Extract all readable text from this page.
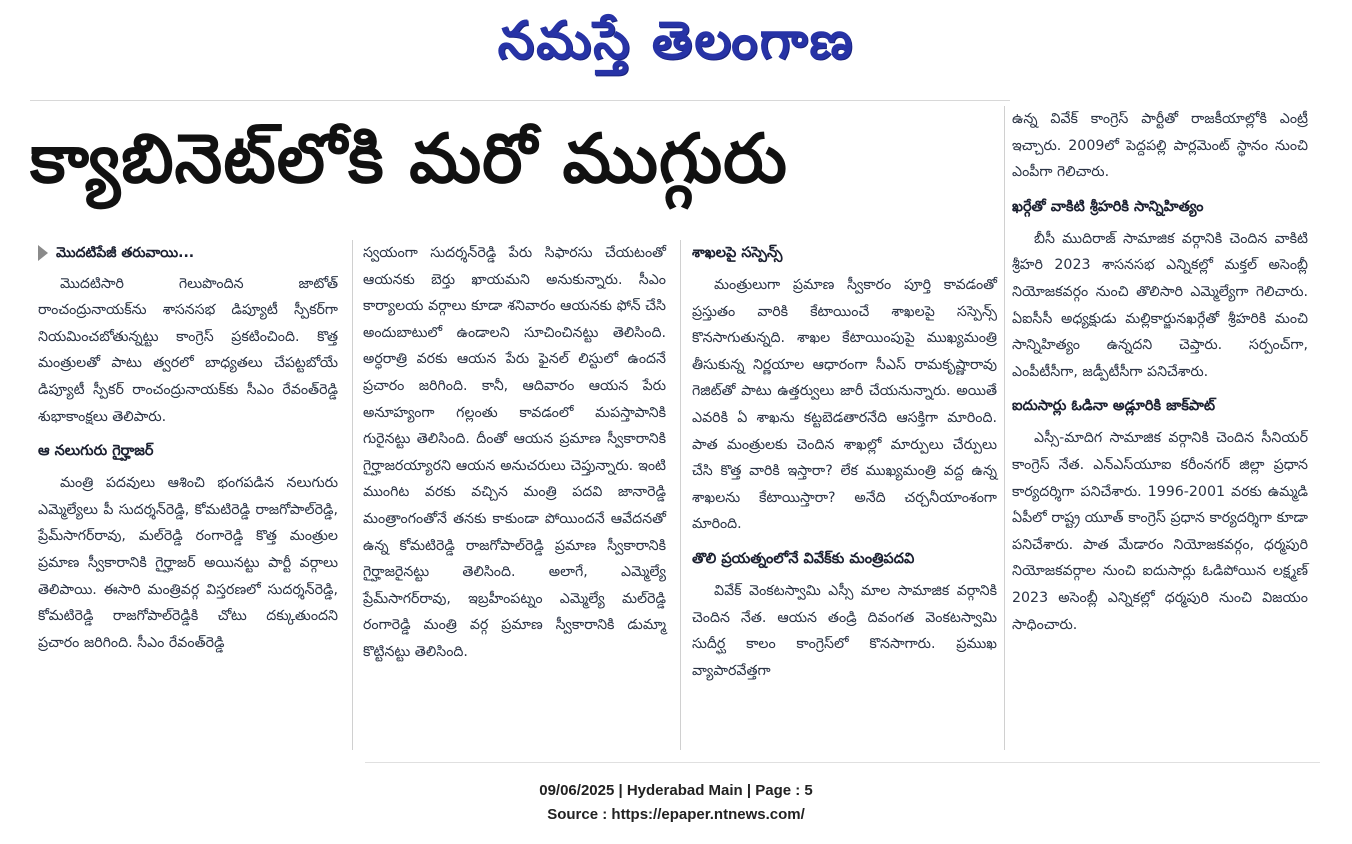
నమస్తే తెలంగాణ
క్యాబినెట్‌లోకి మరో ముగ్గురు
మొదటిపేజీ తరువాయి...

మొదటిసారి గెలుపొందిన జాటోత్ రాంచంద్రునాయక్‌ను శాసనసభ డిప్యూటీ స్పీకర్‌గా నియమించబోతున్నట్టు కాంగ్రెస్ ప్రకటించింది. కొత్త మంత్రులతో పాటు త్వరలో బాధ్యతలు చేపట్టబోయే డిప్యూటీ స్పీకర్ రాంచంద్రునాయక్‌కు సీఎం రేవంత్‌రెడ్డి శుభాకాంక్షలు తెలిపారు.

ఆ నలుగురు గైర్హాజర్

మంత్రి పదవులు ఆశించి భంగపడిన నలుగురు ఎమ్మెల్యేలు పీ సుదర్శన్‌రెడ్డి, కోమటిరెడ్డి రాజగోపాల్‌రెడ్డి, ప్రేమ్‌సాగర్‌రావు, మల్‌రెడ్డి రంగారెడ్డి కొత్త మంత్రుల ప్రమాణ స్వీకారానికి గైర్హాజర్ అయినట్టు పార్టీ వర్గాలు తెలిపాయి. ఈసారి మంత్రివర్గ విస్తరణలో సుదర్శన్‌రెడ్డి, కోమటిరెడ్డి రాజగోపాల్‌రెడ్డికి చోటు దక్కుతుందని ప్రచారం జరిగింది. సీఎం రేవంత్‌రెడ్డి

స్వయంగా సుదర్శన్‌రెడ్డి పేరు సిఫారసు చేయటంతో ఆయనకు బెర్తు ఖాయమని అనుకున్నారు. సీఎం కార్యాలయ వర్గాలు కూడా శనివారం ఆయనకు ఫోన్ చేసి అందుబాటులో ఉండాలని సూచించినట్టు తెలిసింది. అర్ధరాత్రి వరకు ఆయన పేరు ఫైనల్ లిస్టులో ఉందనే ప్రచారం జరిగింది. కానీ, ఆదివారం ఆయన పేరు అనూహ్యంగా గల్లంతు కావడంలో మపస్తాపానికి గురైనట్టు తెలిసింది. దీంతో ఆయన ప్రమాణ స్వీకారానికి గైర్హాజరయ్యారని ఆయన అనుచరులు చెప్తున్నారు. ఇంటి ముంగిట వరకు వచ్చిన మంత్రి పదవి జానారెడ్డి మంత్రాంగంతోనే తనకు కాకుండా పోయిందనే ఆవేదనతో ఉన్న కోమటిరెడ్డి రాజగోపాల్‌రెడ్డి ప్రమాణ స్వీకారానికి గైర్హాజరైనట్టు తెలిసింది. అలాగే, ఎమ్మెల్యే ప్రేమ్‌సాగర్‌రావు, ఇబ్రహీంపట్నం ఎమ్మెల్యే మల్‌రెడ్డి రంగారెడ్డి మంత్రి వర్గ ప్రమాణ స్వీకారానికి డుమ్మా కొట్టినట్టు తెలిసింది.

శాఖలపై సస్పెన్స్

మంత్రులుగా ప్రమాణ స్వీకారం పూర్తి కావడంతో ప్రస్తుతం వారికి కేటాయించే శాఖలపై సస్పెన్స్ కొనసాగుతున్నది. శాఖల కేటాయింపుపై ముఖ్యమంత్రి తీసుకున్న నిర్ణయాల ఆధారంగా సీఎస్ రామకృష్ణారావు గెజిట్‌తో పాటు ఉత్తర్వులు జారీ చేయనున్నారు. అయితే ఎవరికి ఏ శాఖను కట్టబెడతారనేది ఆసక్తిగా మారింది. పాత మంత్రులకు చెందిన శాఖల్లో మార్పులు చేర్పులు చేసి కొత్త వారికి ఇస్తారా? లేక ముఖ్యమంత్రి వద్ద ఉన్న శాఖలను కేటాయిస్తారా? అనేది చర్చనీయాంశంగా మారింది.

తొలి ప్రయత్నంలోనే వివేక్‌కు మంత్రిపదవి

వివేక్ వెంకటస్వామి ఎస్సీ మాల సామాజిక వర్గానికి చెందిన నేత. ఆయన తండ్రి దివంగత వెంకటస్వామి సుదీర్ఘ కాలం కాంగ్రెస్‌లో కొనసాగారు. ప్రముఖ వ్యాపారవేత్తగా

ఉన్న వివేక్ కాంగ్రెస్ పార్టీతో రాజకీయాల్లోకి ఎంట్రీ ఇచ్చారు. 2009లో పెద్దపల్లి పార్లమెంట్ స్థానం నుంచి ఎంపీగా గెలిచారు.

ఖర్గేతో వాకిటి శ్రీహరికి సాన్నిహిత్యం

బీసీ ముదిరాజ్ సామాజిక వర్గానికి చెందిన వాకిటి శ్రీహరి 2023 శాసనసభ ఎన్నికల్లో మక్తల్ అసెంబ్లీ నియోజకవర్గం నుంచి తొలిసారి ఎమ్మెల్యేగా గెలిచారు. ఏఐసీసీ అధ్యక్షుడు మల్లికార్జునఖర్గేతో శ్రీహరికి మంచి సాన్నిహిత్యం ఉన్నదని చెప్తారు. సర్పంచ్‌గా, ఎంపీటీసీగా, జడ్పీటీసీగా పనిచేశారు.

ఐదుసార్లు ఓడినా అడ్లూరికి జాక్‌పాట్

ఎస్సీ-మాదిగ సామాజిక వర్గానికి చెందిన సీనియర్ కాంగ్రెస్ నేత. ఎన్‌ఎస్‌యూఐ కరీంనగర్ జిల్లా ప్రధాన కార్యదర్శిగా పనిచేశారు. 1996-2001 వరకు ఉమ్మడి ఏపీలో రాష్ట్ర యూత్ కాంగ్రెస్ ప్రధాన కార్యదర్శిగా కూడా పనిచేశారు. పాత మేడారం నియోజకవర్గం, ధర్మపురి నియోజకవర్గాల నుంచి ఐదుసార్లు ఓడిపోయిన లక్ష్మణ్ 2023 అసెంబ్లీ ఎన్నికల్లో ధర్మపురి నుంచి విజయం సాధించారు.

09/06/2025 | Hyderabad Main | Page : 5
Source : https://epaper.ntnews.com/
